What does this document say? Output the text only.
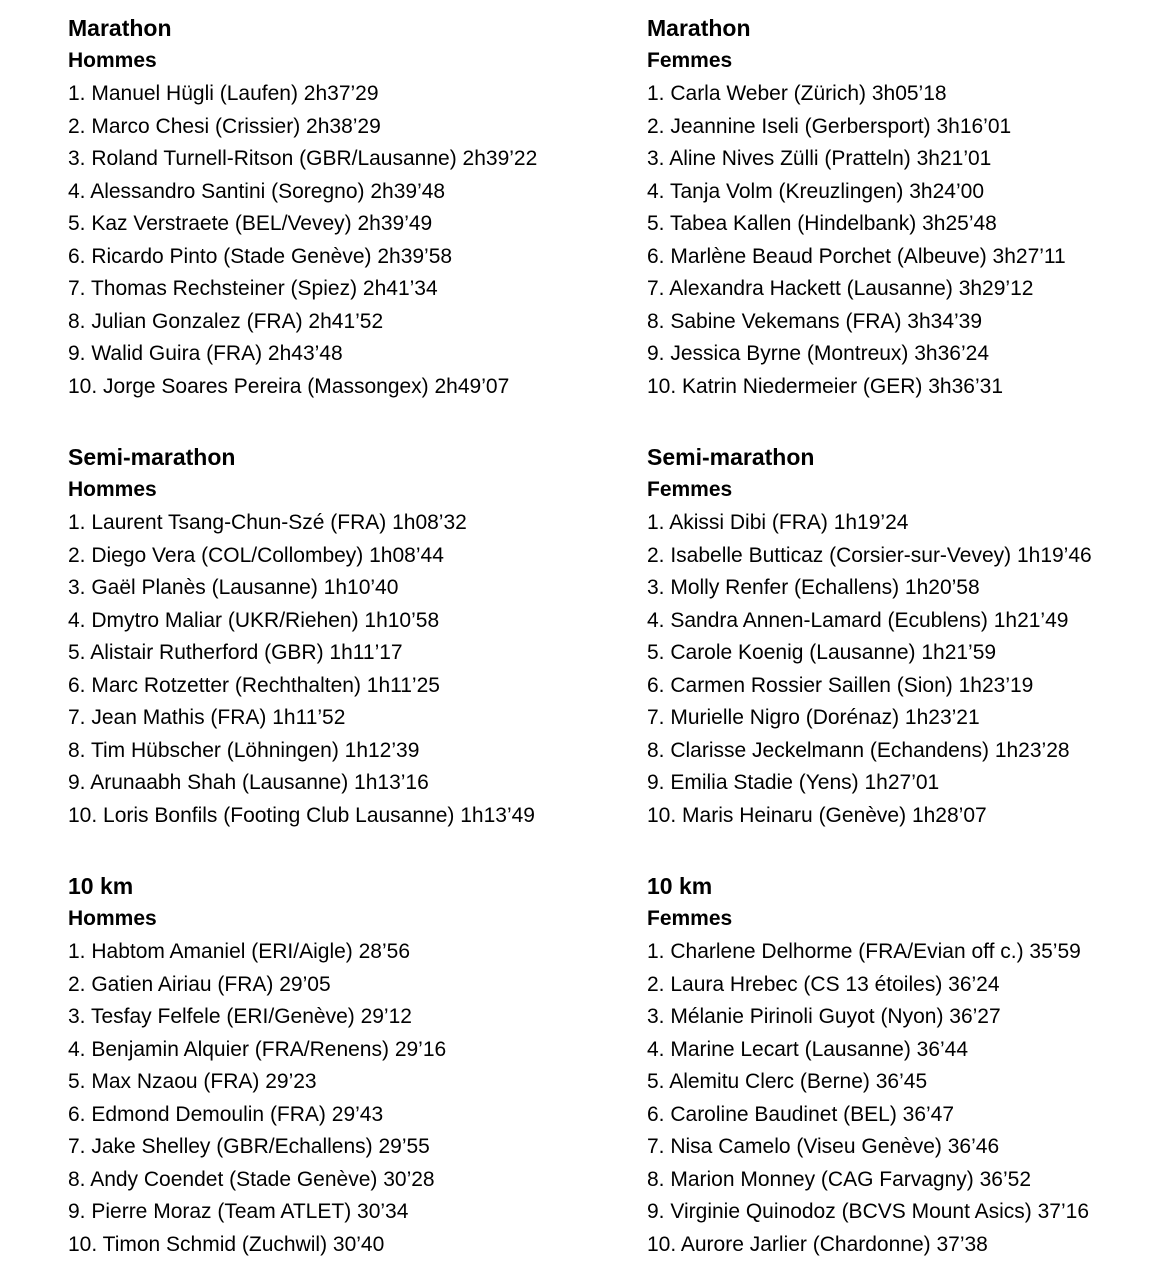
Marathon
Hommes
1. Manuel Hügli (Laufen) 2h37’29
2. Marco Chesi (Crissier) 2h38’29
3. Roland Turnell-Ritson (GBR/Lausanne) 2h39’22
4. Alessandro Santini (Soregno) 2h39’48
5. Kaz Verstraete (BEL/Vevey) 2h39’49
6. Ricardo Pinto (Stade Genève) 2h39’58
7. Thomas Rechsteiner (Spiez) 2h41’34
8. Julian Gonzalez (FRA) 2h41’52
9. Walid Guira (FRA) 2h43’48
10. Jorge Soares Pereira (Massongex) 2h49’07
Semi-marathon
Hommes
1. Laurent Tsang-Chun-Szé (FRA) 1h08’32
2. Diego Vera (COL/Collombey) 1h08’44
3. Gaël Planès (Lausanne) 1h10’40
4. Dmytro Maliar (UKR/Riehen) 1h10’58
5. Alistair Rutherford (GBR) 1h11’17
6. Marc Rotzetter (Rechthalten) 1h11’25
7. Jean Mathis (FRA) 1h11’52
8. Tim Hübscher (Löhningen) 1h12’39
9. Arunaabh Shah (Lausanne) 1h13’16
10. Loris Bonfils (Footing Club Lausanne) 1h13’49
10 km
Hommes
1. Habtom Amaniel (ERI/Aigle) 28’56
2. Gatien Airiau (FRA) 29’05
3. Tesfay Felfele (ERI/Genève) 29’12
4. Benjamin Alquier (FRA/Renens) 29’16
5. Max Nzaou (FRA) 29’23
6. Edmond Demoulin (FRA) 29’43
7. Jake Shelley (GBR/Echallens) 29’55
8. Andy Coendet (Stade Genève) 30’28
9. Pierre Moraz (Team ATLET) 30’34
10. Timon Schmid (Zuchwil) 30’40
Marathon
Femmes
1. Carla Weber (Zürich) 3h05’18
2. Jeannine Iseli (Gerbersport) 3h16’01
3. Aline Nives Zülli (Pratteln) 3h21’01
4. Tanja Volm (Kreuzlingen) 3h24’00
5. Tabea Kallen (Hindelbank) 3h25’48
6. Marlène Beaud Porchet (Albeuve) 3h27’11
7. Alexandra Hackett (Lausanne) 3h29’12
8. Sabine Vekemans (FRA) 3h34’39
9. Jessica Byrne (Montreux) 3h36’24
10. Katrin Niedermeier (GER) 3h36’31
Semi-marathon
Femmes
1. Akissi Dibi (FRA) 1h19’24
2. Isabelle Butticaz (Corsier-sur-Vevey) 1h19’46
3. Molly Renfer (Echallens) 1h20’58
4. Sandra Annen-Lamard (Ecublens) 1h21’49
5. Carole Koenig (Lausanne) 1h21’59
6. Carmen Rossier Saillen (Sion) 1h23’19
7. Murielle Nigro (Dorénaz) 1h23’21
8. Clarisse Jeckelmann (Echandens) 1h23’28
9. Emilia Stadie (Yens) 1h27’01
10. Maris Heinaru (Genève) 1h28’07
10 km
Femmes
1. Charlene Delhorme (FRA/Evian off c.) 35’59
2. Laura Hrebec (CS 13 étoiles) 36’24
3. Mélanie Pirinoli Guyot (Nyon) 36’27
4. Marine Lecart (Lausanne) 36’44
5. Alemitu Clerc (Berne) 36’45
6. Caroline Baudinet (BEL) 36’47
7. Nisa Camelo (Viseu Genève) 36’46
8. Marion Monney (CAG Farvagny) 36’52
9. Virginie Quinodoz (BCVS Mount Asics) 37’16
10. Aurore Jarlier (Chardonne) 37’38
